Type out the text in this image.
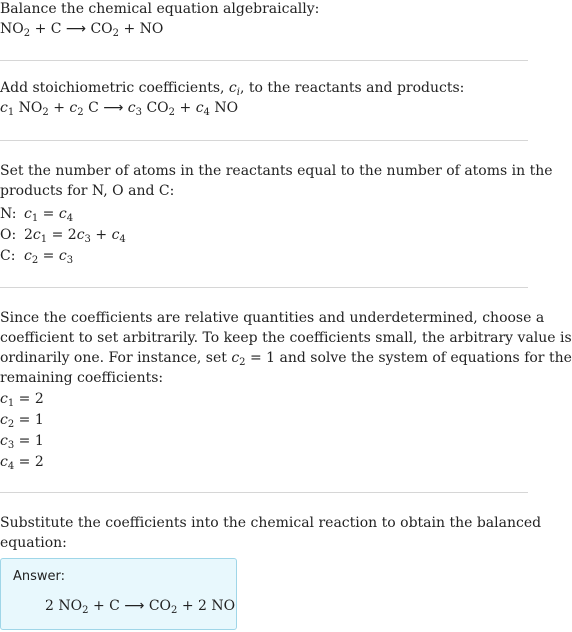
Balance the chemical equation algebraically:
$NO_2 + C$ ⟶ $CO_2$ + NO
Add stoichiometric coefficients, $c_i$, to the reactants and products:
$c_1$ $NO_2 + c_2$ C ⟶ $c_3$ $CO_2 + c_4$ NO
Set the number of atoms in the reactants equal to the number of atoms in the
products for N, O and C:
N: $c_1 = c_4$
O: $2c_1 = 2c_3 + c_4$
C: $c_2 = c_3$
Since the coefficients are relative quantities and underdetermined, choose a
coefficient to set arbitrarily. To keep the coefficients small, the arbitrary value is
ordinarily one. For instance, set $c_2 = 1$ and solve the system of equations for the
remaining coefficients:
$c_1 = 2$
$c_2 = 1$
$c_3 = 1$
$c_4 = 2$
Substitute the coefficients into the chemical reaction to obtain the balanced
equation:
Answer:
2 $NO_2 + C$ ⟶ $CO_2 + 2$ NO
